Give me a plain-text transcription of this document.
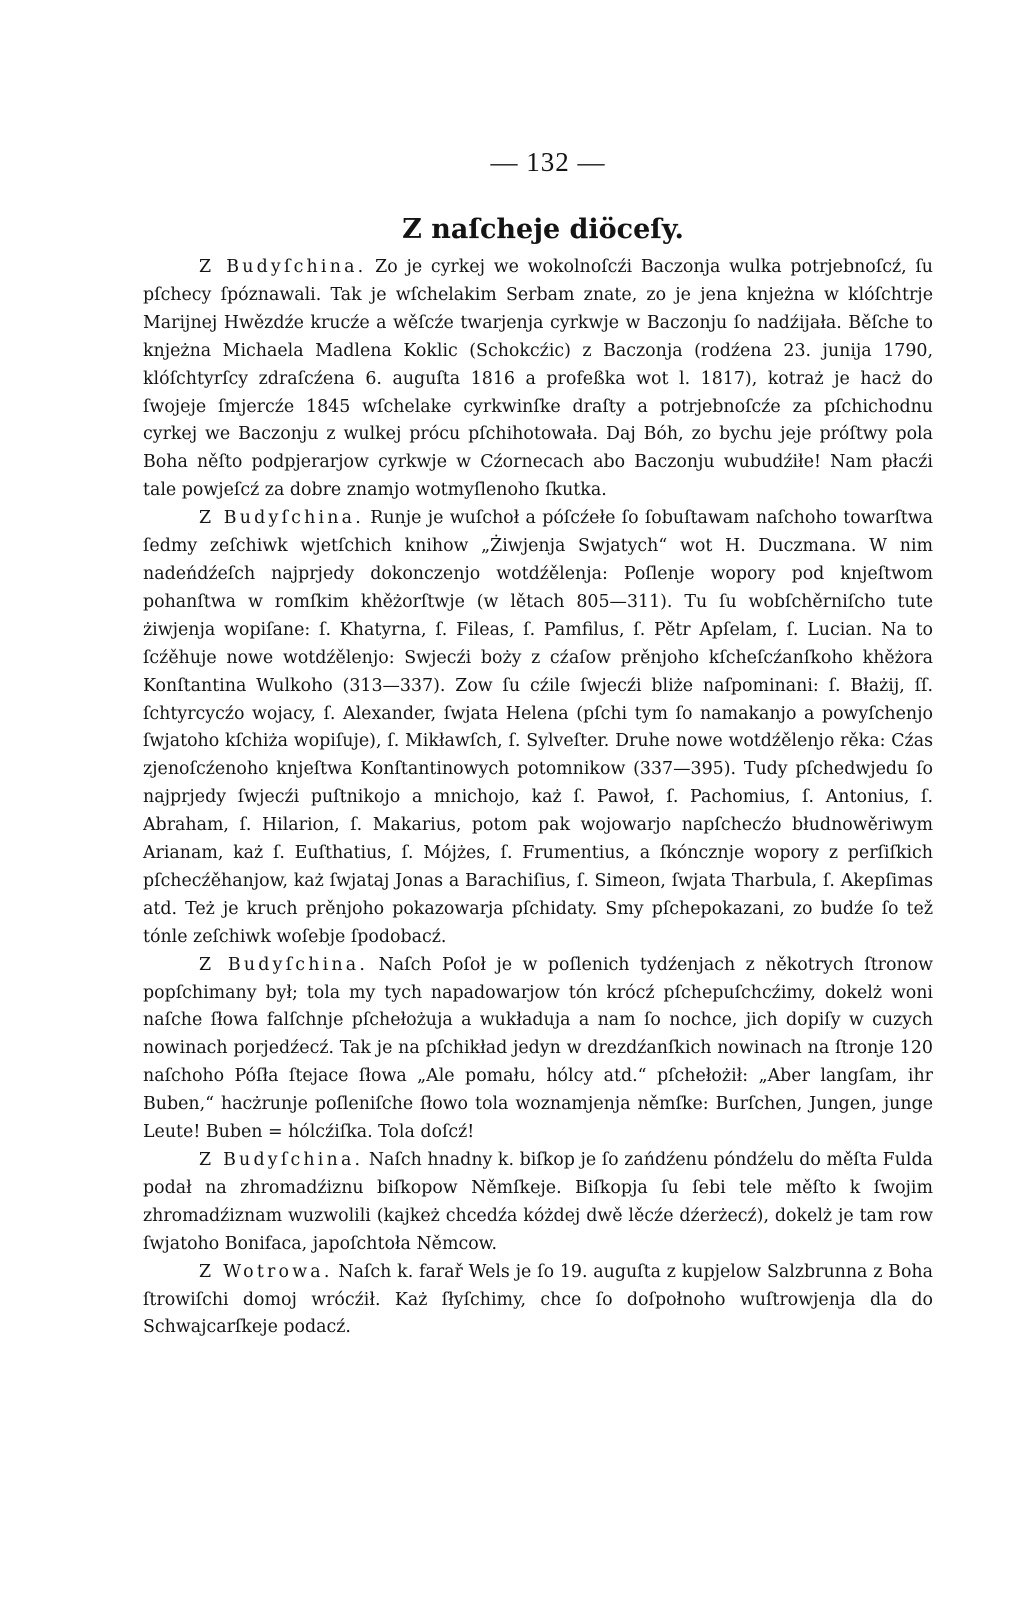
— 132 —
Z naſcheje diöceſy.

Z Budyſchina. Zo je cyrkej we wokolnoſcźi Baczonja wulka potrjebnoſcź, ſu pſchecy ſpóznawali. Tak je wſchelakim Serbam znate, zo je jena knjeżna w klóſchtrje Marijnej Hwězdźe krucźe a wěſcźe twarjenja cyrkwje w Baczonju ſo nadźijała. Běſche to knjeżna Michaela Madlena Koklic (Schokcźic) z Baczonja (rodźena 23. junija 1790, klóſchtyrſcy zdraſcźena 6. auguſta 1816 a profeßka wot l. 1817), kotraż je hacż do ſwojeje ſmjercźe 1845 wſchelake cyrkwinſke draſty a potrjebnoſcźe za pſchichodnu cyrkej we Baczonju z wulkej prócu pſchihotowała. Daj Bóh, zo bychu jeje próſtwy pola Boha něſto podpjerarjow cyrkwje w Cźornecach abo Baczonju wubudźiłe! Nam płacźi tale powjeſcź za dobre znamjo wotmyſlenoho ſkutka.

Z Budyſchina. Runje je wuſchoł a póſcźełe ſo ſobuſtawam naſchoho towarſtwa ſedmy zeſchiwk wjetſchich knihow „Żiwjenja Swjatych“ wot H. Duczmana. W nim nadeńdźeſch najprjedy dokonczenjo wotdźělenja: Poſlenje wopory pod knjeſtwom pohanſtwa w romſkim khěżorſtwje (w lětach 805—311). Tu ſu wobſchěrniſcho tute żiwjenja wopiſane: ſ. Khatyrna, ſ. Fileas, ſ. Pamfilus, ſ. Pětr Apſelam, ſ. Lucian. Na to ſcźěhuje nowe wotdźělenjo: Swjecźi boży z cźaſow prěnjoho kſcheſcźanſkoho khěżora Konſtantina Wulkoho (313—337). Zow ſu cźile ſwjecźi bliże naſpominani: ſ. Błażij, ſſ. ſchtyrcycźo wojacy, ſ. Alexander, ſwjata Helena (pſchi tym ſo namakanjo a powyſchenjo ſwjatoho kſchiża wopiſuje), ſ. Mikławſch, ſ. Sylveſter. Druhe nowe wotdźělenjo rěka: Cźas zjenoſcźenoho knjeſtwa Konſtantinowych potomnikow (337—395). Tudy pſchedwjedu ſo najprjedy ſwjecźi puſtnikojo a mnichojo, każ ſ. Pawoł, ſ. Pachomius, ſ. Antonius, ſ. Abraham, ſ. Hilarion, ſ. Makarius, potom pak wojowarjo napſchecźo błudnowěriwym Arianam, każ ſ. Euſthatius, ſ. Mójżes, ſ. Frumentius, a ſkóncznje wopory z perſiſkich pſchecźěhanjow, każ ſwjataj Jonas a Barachiſius, ſ. Simeon, ſwjata Tharbula, ſ. Akepſimas atd. Też je kruch prěnjoho pokazowarja pſchidaty. Smy pſchepokazani, zo budźe ſo tež tónle zeſchiwk woſebje ſpodobacź.

Z Budyſchina. Naſch Poſoł je w poſlenich tydźenjach z někotrych ſtronow popſchimany był; tola my tych napadowarjow tón krócź pſchepuſchcźimy, dokelż woni naſche ſłowa falſchnje pſchełożuja a wukładuja a nam ſo nochce, jich dopiſy w cuzych nowinach porjedźecź. Tak je na pſchikład jedyn w drezdźanſkich nowinach na ſtronje 120 naſchoho Póſła ſtejace ſłowa „Ale pomału, hólcy atd.“ pſchełożił: „Aber langſam, ihr Buben,“ hacżrunje poſleniſche ſłowo tola woznamjenja němſke: Burſchen, Jungen, junge Leute! Buben = hólcźiſka. Tola doſcź!

Z Budyſchina. Naſch hnadny k. biſkop je ſo zańdźenu póndźelu do měſta Fulda podał na zhromadźiznu biſkopow Němſkeje. Biſkopja ſu ſebi tele měſto k ſwojim zhromadźiznam wuzwolili (kajkeż chcedźa kóżdej dwě lěcźe dźerżecź), dokelż je tam row ſwjatoho Bonifaca, japoſchtoła Němcow.

Z Wotrowa. Naſch k. farař Wels je ſo 19. auguſta z kupjelow Salzbrunna z Boha ſtrowiſchi domoj wrócźił. Każ ſłyſchimy, chce ſo doſpołnoho wuſtrowjenja dla do Schwajcarſkeje podacź.
